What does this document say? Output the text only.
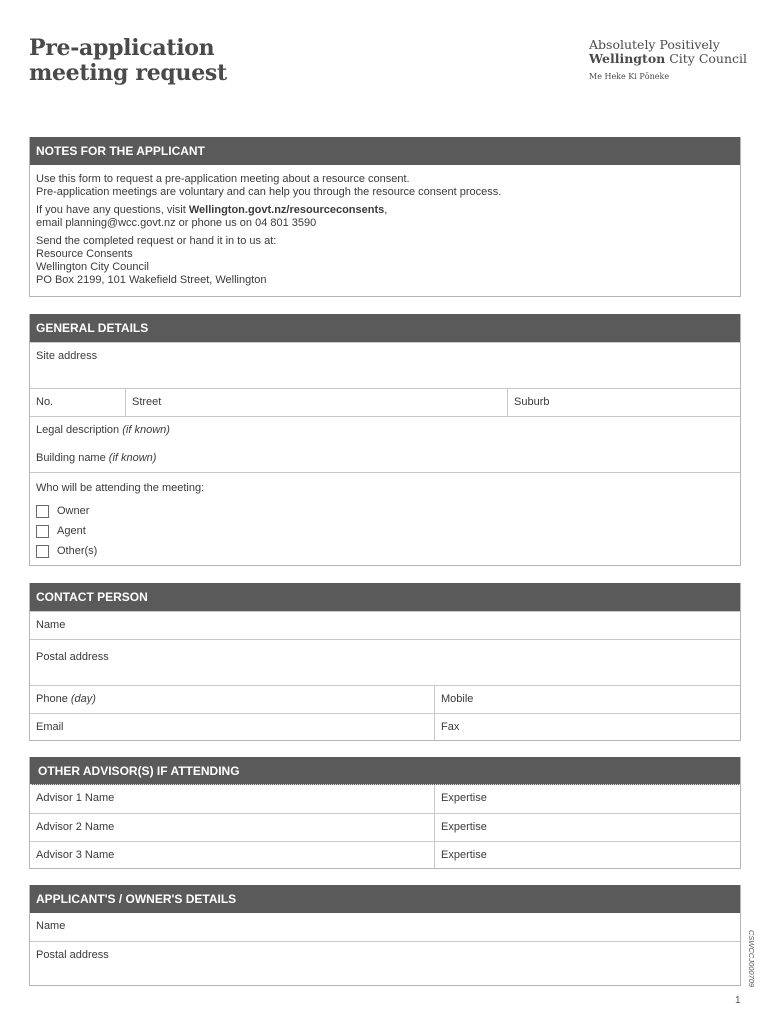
Pre-application
meeting request
Absolutely Positively
Wellington City Council
Me Heke Ki Pōneke
NOTES FOR THE APPLICANT

Use this form to request a pre-application meeting about a resource consent.
Pre-application meetings are voluntary and can help you through the resource consent process.

If you have any questions, visit Wellington.govt.nz/resourceconsents,
email planning@wcc.govt.nz or phone us on 04 801 3590

Send the completed request or hand it in to us at:
Resource Consents
Wellington City Council
PO Box 2199, 101 Wakefield Street, Wellington

GENERAL DETAILS
Site address
No.	Street	Suburb
Legal description (if known)
Building name (if known)
Who will be attending the meeting:
Owner
Agent
Other(s)
CONTACT PERSON
Name
Postal address
Phone (day)	Mobile
Email	Fax
OTHER ADVISOR(S) IF ATTENDING
Advisor 1 Name	Expertise
Advisor 2 Name	Expertise
Advisor 3 Name	Expertise
APPLICANT'S / OWNER'S DETAILS
Name
Postal address	CSWCCJ000709
1
